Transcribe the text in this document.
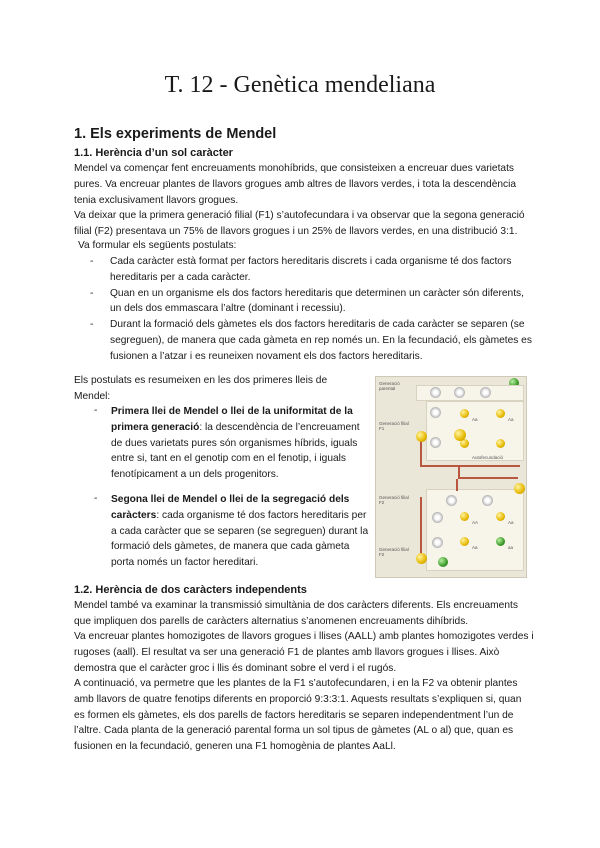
T. 12 - Genètica mendeliana
1. Els experiments de Mendel
1.1. Herència d’un sol caràcter

Mendel va començar fent encreuaments monohíbrids, que consisteixen a encreuar dues varietats pures. Va encreuar plantes de llavors grogues amb altres de llavors verdes, i tota la descendència tenia exclusivament llavors grogues.

Va deixar que la primera generació filial (F1) s’autofecundara i va observar que la segona generació filial (F2) presentava un 75% de llavors grogues i un 25% de llavors verdes, en una distribució 3:1.

Va formular els següents postulats:

- Cada caràcter està format per factors hereditaris discrets i cada organisme té dos factors hereditaris per a cada caràcter.
- Quan en un organisme els dos factors hereditaris que determinen un caràcter són diferents, un dels dos emmascara l’altre (dominant i recessiu).
- Durant la formació dels gàmetes els dos factors hereditaris de cada caràcter se separen (se segreguen), de manera que cada gàmeta en rep només un. En la fecundació, els gàmetes es fusionen a l’atzar i es reuneixen novament els dos factors hereditaris.

Els postulats es resumeixen en les dos primeres lleis de Mendel:

- Primera llei de Mendel o llei de la uniformitat de la primera generació: la descendència de l’encreuament de dues varietats pures són organismes híbrids, iguals entre si, tant en el genotip com en el fenotip, i iguals fenotípicament a un dels progenitors.

- Segona llei de Mendel o llei de la segregació dels caràcters: cada organisme té dos factors hereditaris per a cada caràcter que se separen (se segreguen) durant la formació dels gàmetes, de manera que cada gàmeta porta només un factor hereditari.

Generació parental
Generació filial F1
Generació filial F2
Generació filial F2
Aa	Aa
Autofecundació
AA	Aa
Aa	aa
1.2. Herència de dos caràcters independents

Mendel també va examinar la transmissió simultània de dos caràcters diferents. Els encreuaments que impliquen dos parells de caràcters alternatius s’anomenen encreuaments dihíbrids.

Va encreuar plantes homozigotes de llavors grogues i llises (AALL) amb plantes homozigotes verdes i rugoses (aall). El resultat va ser una generació F1 de plantes amb llavors grogues i llises. Això demostra que el caràcter groc i llis és dominant sobre el verd i el rugós.

A continuació, va permetre que les plantes de la F1 s’autofecundaren, i en la F2 va obtenir plantes amb llavors de quatre fenotips diferents en proporció 9:3:3:1. Aquests resultats s’expliquen si, quan es formen els gàmetes, els dos parells de factors hereditaris se separen independentment l’un de l’altre. Cada planta de la generació parental forma un sol tipus de gàmetes (AL o al) que, quan es fusionen en la fecundació, generen una F1 homogènia de plantes AaLl.
